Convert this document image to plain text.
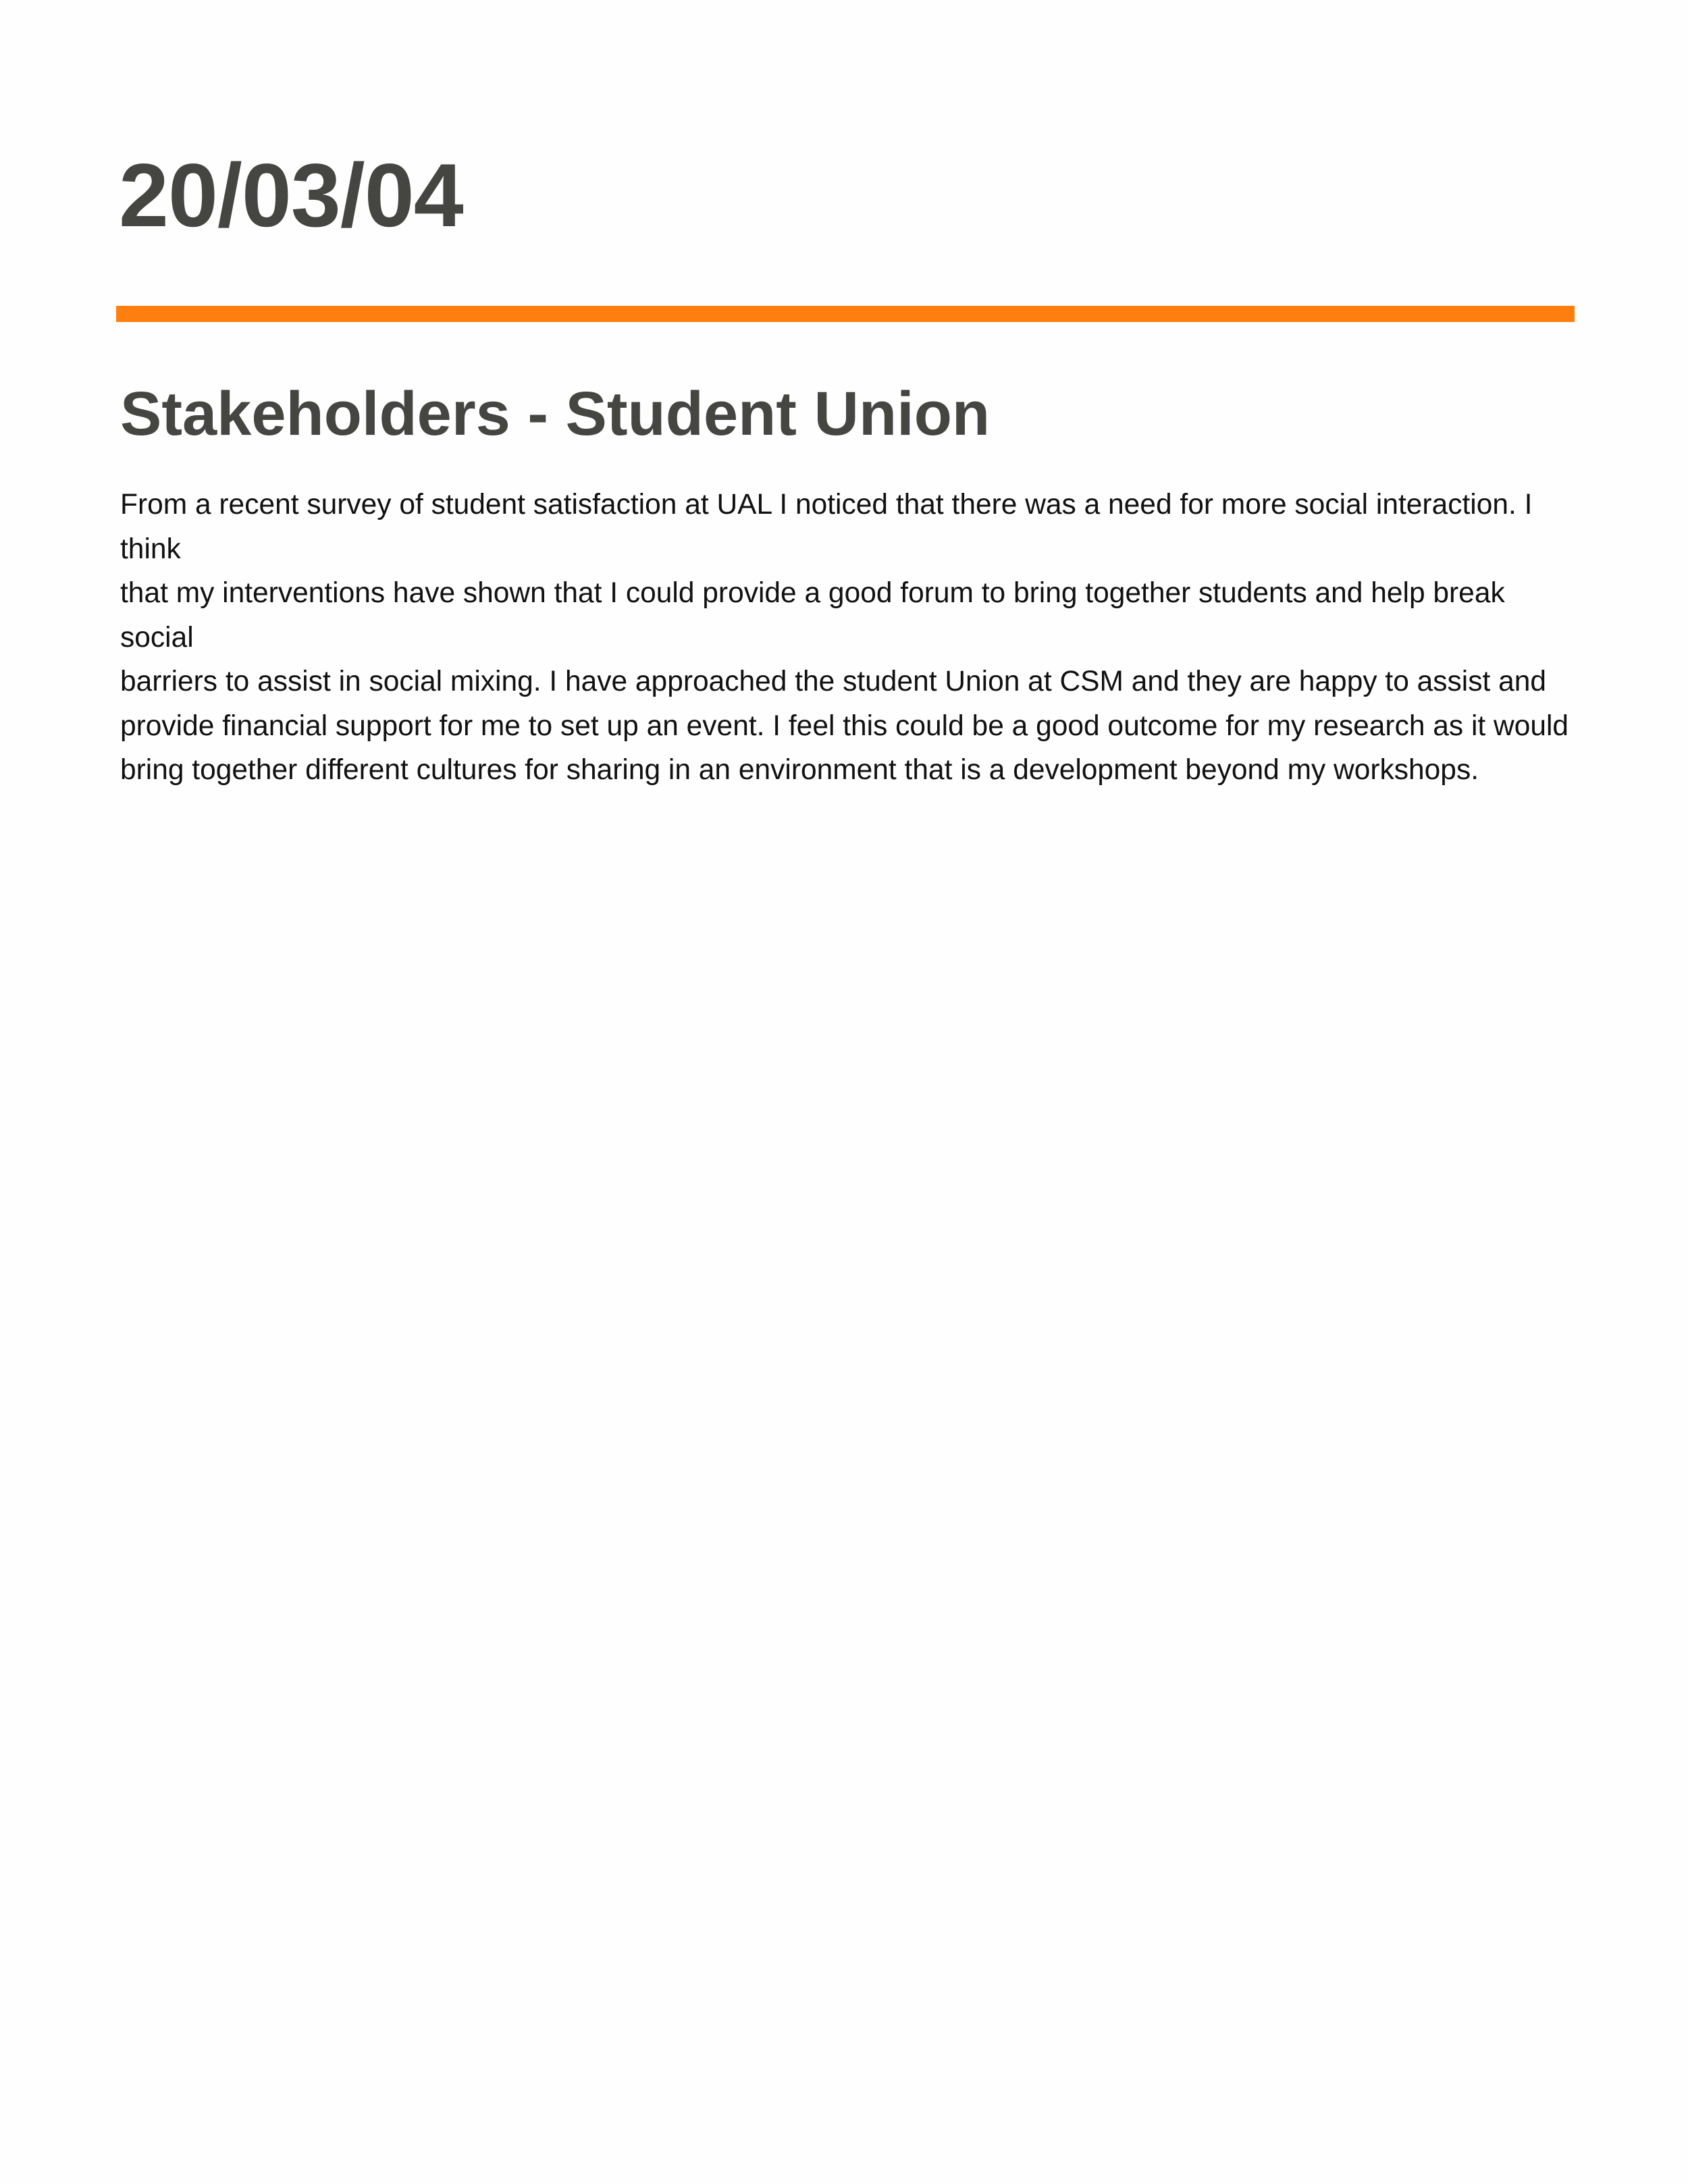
20/03/04
Stakeholders - Student Union

From a recent survey of student satisfaction at UAL I noticed that there was a need for more social interaction. I think
that my interventions have shown that I could provide a good forum to bring together students and help break social
barriers to assist in social mixing. I have approached the student Union at CSM and they are happy to assist and
provide financial support for me to set up an event. I feel this could be a good outcome for my research as it would
bring together different cultures for sharing in an environment that is a development beyond my workshops.
